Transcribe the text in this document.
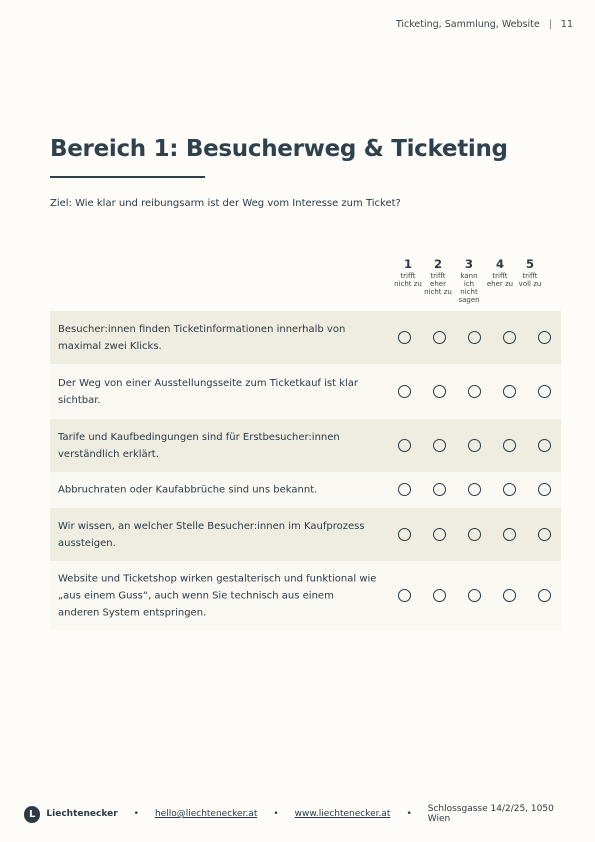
Ticketing, Sammlung, Website | 11
Bereich 1: Besucherweg & Ticketing

Ziel: Wie klar und reibungsarm ist der Weg vom Interesse zum Ticket?

1
trifft nicht zu
2
trifft eher nicht zu
3
kann ich nicht sagen
4
trifft eher zu
5
trifft voll zu
Besucher:innen finden Ticketinformationen innerhalb von maximal zwei Klicks.
Der Weg von einer Ausstellungsseite zum Ticketkauf ist klar sichtbar.
Tarife und Kaufbedingungen sind für Erstbesucher:innen verständlich erklärt.
Abbruchraten oder Kaufabbrüche sind uns bekannt.
Wir wissen, an welcher Stelle Besucher:innen im Kaufprozess aussteigen.
Website und Ticketshop wirken gestalterisch und funktional wie „aus einem Guss“, auch wenn Sie technisch aus einem anderen System entspringen.
L	Liechtenecker • hello@liechtenecker.at • www.liechtenecker.at • Schlossgasse 14/2/25, 1050 Wien
